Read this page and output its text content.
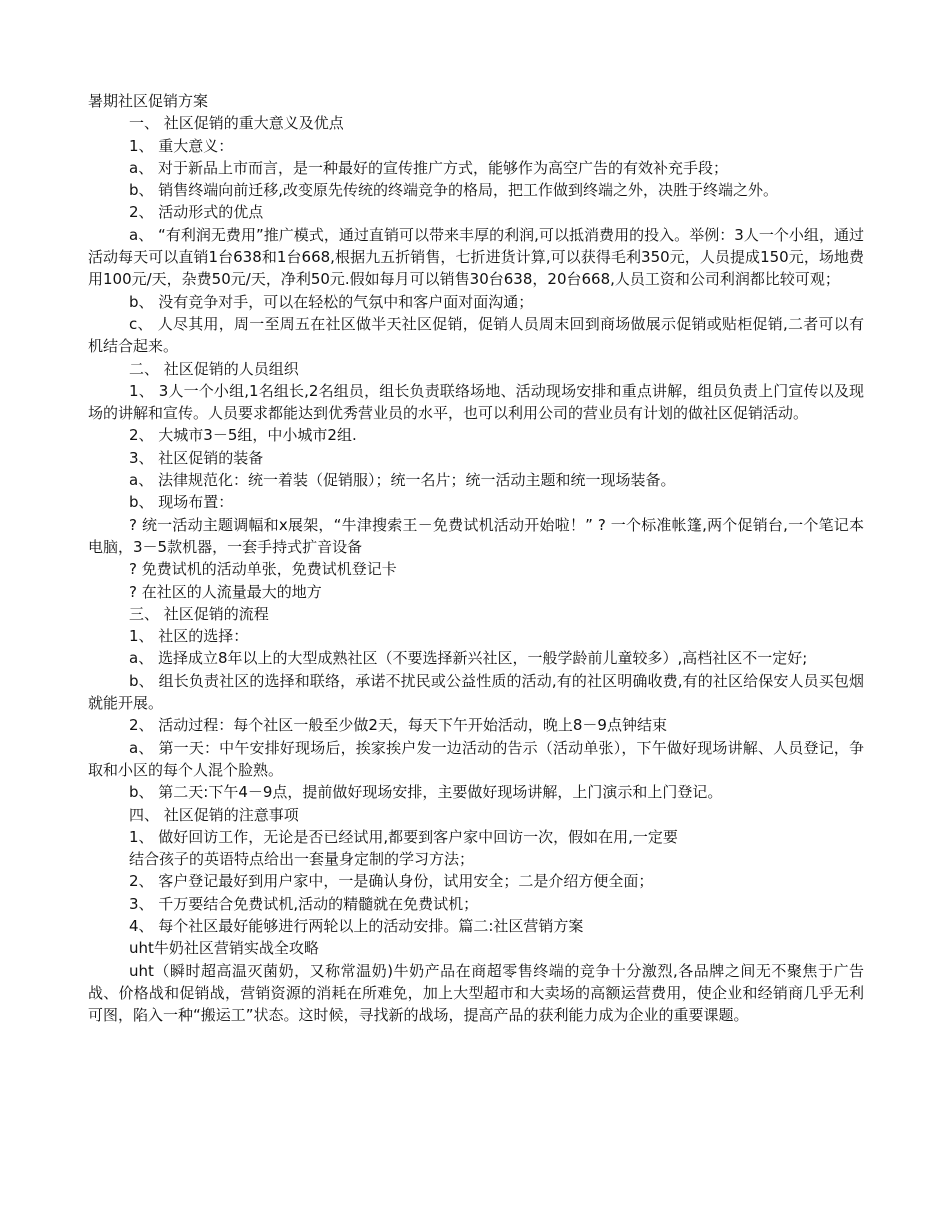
暑期社区促销方案

一、 社区促销的重大意义及优点

1、 重大意义：

a、 对于新品上市而言，是一种最好的宣传推广方式，能够作为高空广告的有效补充手段；

b、 销售终端向前迁移,改变原先传统的终端竞争的格局，把工作做到终端之外，决胜于终端之外。

2、 活动形式的优点

a、 “有利润无费用”推广模式，通过直销可以带来丰厚的利润,可以抵消费用的投入。举例：3人一个小组，通过活动每天可以直销1台638和1台668,根据九五折销售，七折进货计算,可以获得毛利350元，人员提成150元，场地费用100元/天，杂费50元/天，净利50元.假如每月可以销售30台638，20台668,人员工资和公司利润都比较可观；

b、 没有竞争对手，可以在轻松的气氛中和客户面对面沟通；

c、 人尽其用，周一至周五在社区做半天社区促销，促销人员周末回到商场做展示促销或贴柜促销,二者可以有机结合起来。

二、 社区促销的人员组织

1、 3人一个小组,1名组长,2名组员，组长负责联络场地、活动现场安排和重点讲解，组员负责上门宣传以及现场的讲解和宣传。人员要求都能达到优秀营业员的水平，也可以利用公司的营业员有计划的做社区促销活动。

2、 大城市3－5组，中小城市2组.

3、 社区促销的装备

a、 法律规范化：统一着装（促销服）；统一名片；统一活动主题和统一现场装备。

b、 现场布置：

? 统一活动主题调幅和x展架，“牛津搜索王－免费试机活动开始啦！” ? 一个标准帐篷,两个促销台,一个笔记本电脑，3－5款机器，一套手持式扩音设备

? 免费试机的活动单张，免费试机登记卡

? 在社区的人流量最大的地方

三、 社区促销的流程

1、 社区的选择：

a、 选择成立8年以上的大型成熟社区（不要选择新兴社区，一般学龄前儿童较多）,高档社区不一定好;

b、 组长负责社区的选择和联络，承诺不扰民或公益性质的活动,有的社区明确收费,有的社区给保安人员买包烟就能开展。

2、 活动过程：每个社区一般至少做2天，每天下午开始活动，晚上8－9点钟结束

a、 第一天：中午安排好现场后，挨家挨户发一边活动的告示（活动单张），下午做好现场讲解、人员登记，争取和小区的每个人混个脸熟。

b、 第二天:下午4－9点，提前做好现场安排，主要做好现场讲解，上门演示和上门登记。

四、 社区促销的注意事项

1、 做好回访工作，无论是否已经试用,都要到客户家中回访一次，假如在用,一定要

结合孩子的英语特点给出一套量身定制的学习方法；

2、 客户登记最好到用户家中，一是确认身份，试用安全；二是介绍方便全面；

3、 千万要结合免费试机,活动的精髓就在免费试机；

4、 每个社区最好能够进行两轮以上的活动安排。篇二:社区营销方案

uht牛奶社区营销实战全攻略

uht（瞬时超高温灭菌奶，又称常温奶)牛奶产品在商超零售终端的竞争十分激烈,各品牌之间无不聚焦于广告战、价格战和促销战，营销资源的消耗在所难免，加上大型超市和大卖场的高额运营费用，使企业和经销商几乎无利可图，陷入一种“搬运工”状态。这时候，寻找新的战场，提高产品的获利能力成为企业的重要课题。
